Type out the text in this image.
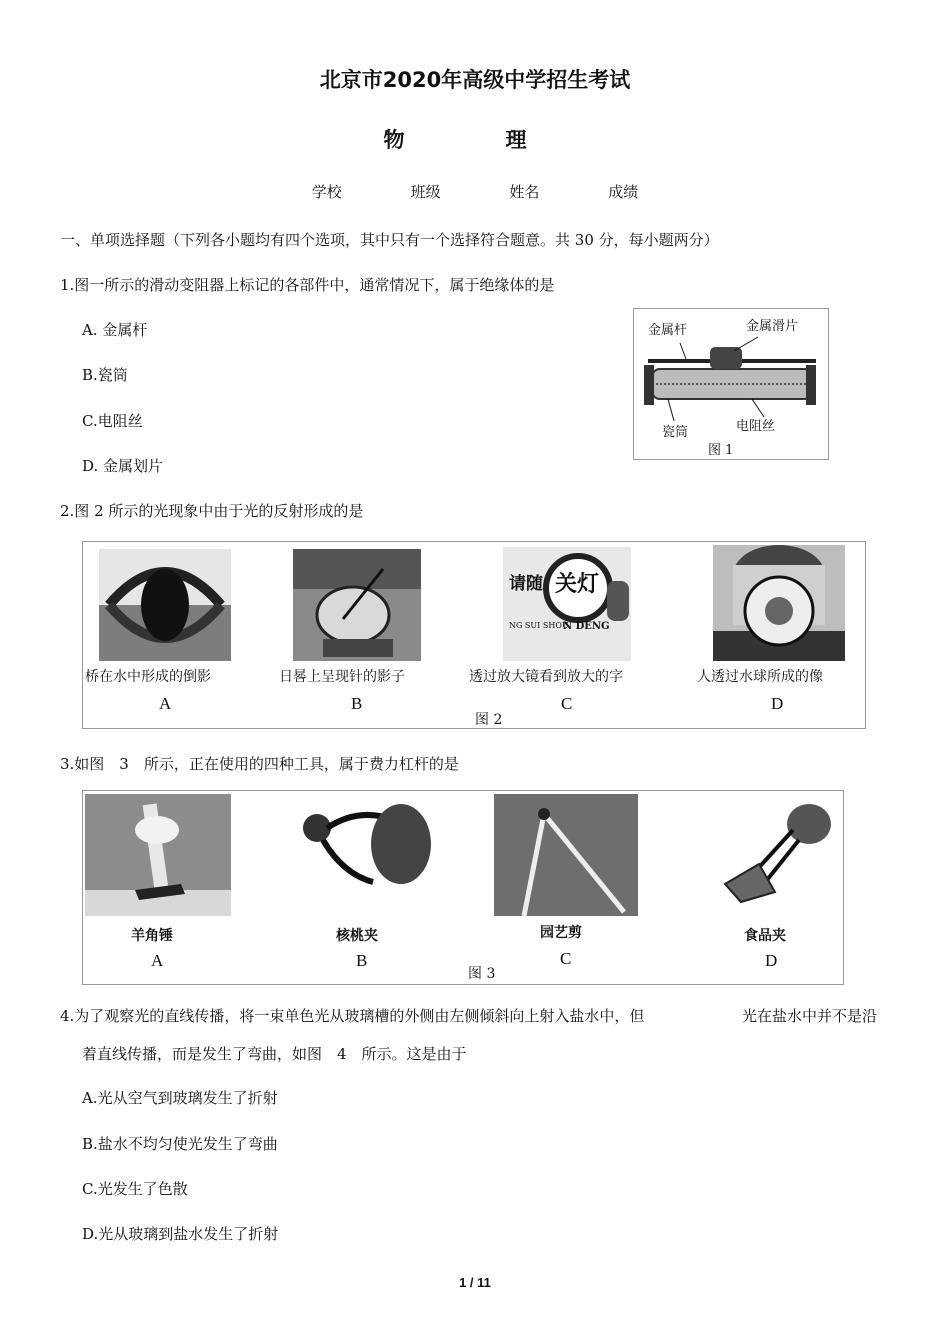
北京市2020年高级中学招生考试
物　理
学校	班级	姓名	成绩
一、单项选择题（下列各小题均有四个选项，其中只有一个选择符合题意。共 30 分，每小题两分）
1.图一所示的滑动变阻器上标记的各部件中，通常情况下，属于绝缘体的是
A. 金属杆
B.瓷筒
C.电阻丝
D. 金属划片
金属杆	金属滑片
瓷筒	电阻丝
图 1
2.图 2 所示的光现象中由于光的反射形成的是
请随 关灯
NG SUI SHOU
N DENG
桥在水中形成的倒影	日晷上呈现针的影子	透过放大镜看到放大的字	人透过水球所成的像
A	B	C	D
图 2
3.如图　3　所示，正在使用的四种工具，属于费力杠杆的是
羊角锤	核桃夹	园艺剪	食品夹
A	B	C	D
图 3
4.为了观察光的直线传播，将一束单色光从玻璃槽的外侧由左侧倾斜向上射入盐水中，但	光在盐水中并不是沿
着直线传播，而是发生了弯曲，如图　4　所示。这是由于
A.光从空气到玻璃发生了折射
B.盐水不均匀使光发生了弯曲
C.光发生了色散
D.光从玻璃到盐水发生了折射
1 / 11
